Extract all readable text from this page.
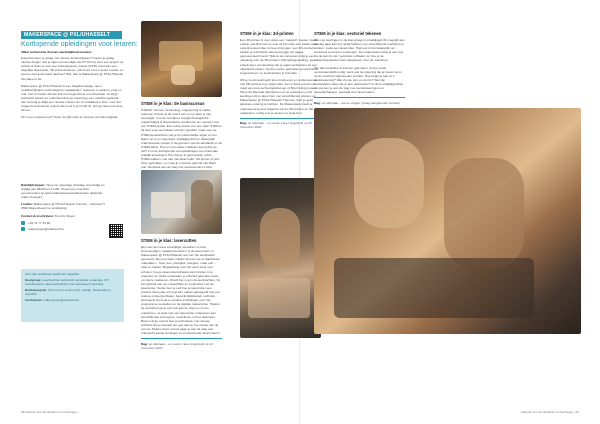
MAKERSPACE @ PXL/UHASSELT
Kortlopende opleidingen voor leraren:

'Waar technische dromen werkelijkheid worden.'

Experimenteer je graag met nieuwe technologieën? Creëer je graag nieuwe dingen met je eigen persoonlijke touch? Heb je voor een project op school of thuis of voor een buitengewoon project (GPR) nood aan een degelijke lasercutter, 3D-printer/scanner, pcb-frees of een ander toestel, en weet je niet goed waar naartoe? Wel, dan is Makerspace @ PXL/UHasselt the place to be.

Makerspace @ PXL/UHasselt is een laagdrempelige, open, multidisciplinaire technologisch 'maakatelier', iedereen is welkom, jong en oud, met of zonder directe link met hogeschool en universiteit. Je krijgt technisch advies en ondersteuning op maat bij je een machine gebruikt, dan bezorgt je altijd een nieuwe manier om te ontwikkelen. Dus, voor dat volgende technische project dat nu al in je hoofd zit, spring zeker een keer binnen.

Zin in een virtuele tour? Scan de QR-code en bezoek ons labo digitaal.

Data/tijdstippen: Open op maandag, dinsdag, woensdag en vrijdag van 09u00 tot 17u00. Check een overzicht evenementen op www.makerspacepxluhasselt.be (kalender onder 'bezoek').

Locatie: Makerspace @ PXL/UHasselt, Kantoor - Gebouw H, 3590 Diepenbeek (1e verdieping)

Contact & inschrijven: Tom De Weyer

+32 11 77 34 66
makerspace@uhasselt.be

Voor alle workshops geldt het volgende:

Doelgroep: Leerkrachten technisch secundair onderwijs, ICT-coördinatoren, alle leerkrachten met interesse in techniek

Deelnameprijs: 25 euro per sessie (incl. ontbijt). Reservatie is verplicht.

Inschrijven: makerspace@uhasselt.be

STEM in je klas: de basiscursus

STEAM: science, technology, engineering & maths. Iedereen hoorde al de mond van vol en alles is niet bevestigd. In onze complexe hooglechnologische maatschappij is theoretische voorkennis om mensen met een STEM-profiel. Een echte praxis met een cijfer STEM is bij heel veel secundaire scholen populair, maar voor de STEM-leerkrachten ziet je het uiteindelijke eigen en het kijken op en in nijverheid, praktijkgericht en dialoogrijk onderbouwde manier in de grenzen van de aandacht en de STEM-tafels. Hoe en met welke middelen kan jij dat-op-het? In onze kortlopende vooropleidingen met maximale praktijk-ervaringen: Hoe kan je in jouw lessen echte STEM-vakken, ook niet met lasercutter, 3D-printer of pcb-frees gebruiken, en zoek je in lessen gebruik van Maar ook: bespreek aan de slag met verrassende en fijne

STEM in je klas: lasercutten

Een van de meest veelzijdige toestellen in onze fenomenalgen 'maakaccomenten' is de lasercutter, in Makerspace @ PXL/UHasselt ook wel 'het werkpaard' genoemd. Met een laser snijden kunnen we er allerhande materialen – hout, leer, plexiglas, spiegels, maar ook – naar te snijden. Begeleiding voor het eerst werk voor scholen, hoe je lasercuttersoftware kan inzetten in je projecten en welke materialen je effectief gebruiken kunt om dat te realiseren. Wordt het nog in de leerkrachten, bij het gebruik van de ontwerpfiles en producties met de lasercutter. Verder leer je ook hoe je lasercutter een product dat je dan vrij snel kan maken gekoppeld met een andere ontwerpsoftware, beperkt tijdsbestek, techniek, spelregels zijn leuk en andere instellingen over het programma, toestellen en de digitale makeruimte. Tijdens de workshop ga je zelf ook aan de slag om met je ontwerpen. Je gaat ook een lasercutter ontwerpen aan verschillende prototypes, modelleren en het uitwerken. Binnen deze cursus leer je technieken met nieuwe software die je toepast om een vak op het niveau van de cursus. Tijdens deze cursus gaan je aan de slag met onbeperkt aantal leerlingen en professionele lasercutters!

Dag: op afspraak – en reeds 1 keer ingepland op 13 november 2024

26 Aanbod voor leerkrachten en leerlingen	Aanbod voor leerkrachten en leerlingen | 21
STEM in je klas: 3d-printen

Een 3D-printer is voor velen een 'magisch' toestel. Geen enkele machine kan zo snel uit het niets een totaal nieuw experimenteel idee tot leven brengen: een 3D-product waarin je technische tekening legge per laagje gepresenteerd werd. Tijdens de cursussen krijg je een opleiding over de 3D-printers (slicing/begeleiding), geen enkele keer vernieuwing van je eigen technieken tot een uitgebreid manier. Op die manier gebruiken je technische programma's, en leerkrachten in hun klas.

Wil je zo als leerkracht leren instrueren en ondersteunen met 3D-printers in je eigen klas, dan is deze cursus op maat van jouw technologieberoep of 3D-printing project. Wil je dit allemaal uitproberen om te ontwerpen en/of leerlingen dit te laten zien met verschillende printers op Makerspace @ PXL/UHasselt? Hiervoor hoef je geen speciale ervaring te hebben. De Makerspace biedt je ondersteuning door trajecten bij het 3D-printen en 3D-ontwerpen, nodig voor je lessen en projecten.

Dag: op afspraak – en reeds 1 keer ingepland op 20 november 2024

STEM in je klas: vectoriel tekenen

Wie met leerlingen in de klas graag zo praktijkgericht mogelijk aan de slag gaat kan het nodig hebben met verschillende machines te werken, zoals een lasercutter. Hiervoor is het belangrijk om vectorieel te kunnen ontwerpen. De makerspace biedt je een tool via de kennis van 'vectoriele software' en hoe je de ontwerpbestanden kunt aanpassen voor de machines.

Om alle toestellen te kunnen gebruiken, heb je enkel vectortekenskills nodig, want ook de tekening die je bouwt zal er op de machine uitgesneden worden. Hoe begin je aan zo'n vectortekening? Wat zijn de do's en don'ts? Wat zijn bestandsformaten die je kan uitwisselen? In deze praktijkgerichte cursus leer je aan de slag met vectortekeningen en gereedschappen, speciaal voor lasercutters.

Dag: op afspraak – aan te vragen (graag aangeboden worden)
